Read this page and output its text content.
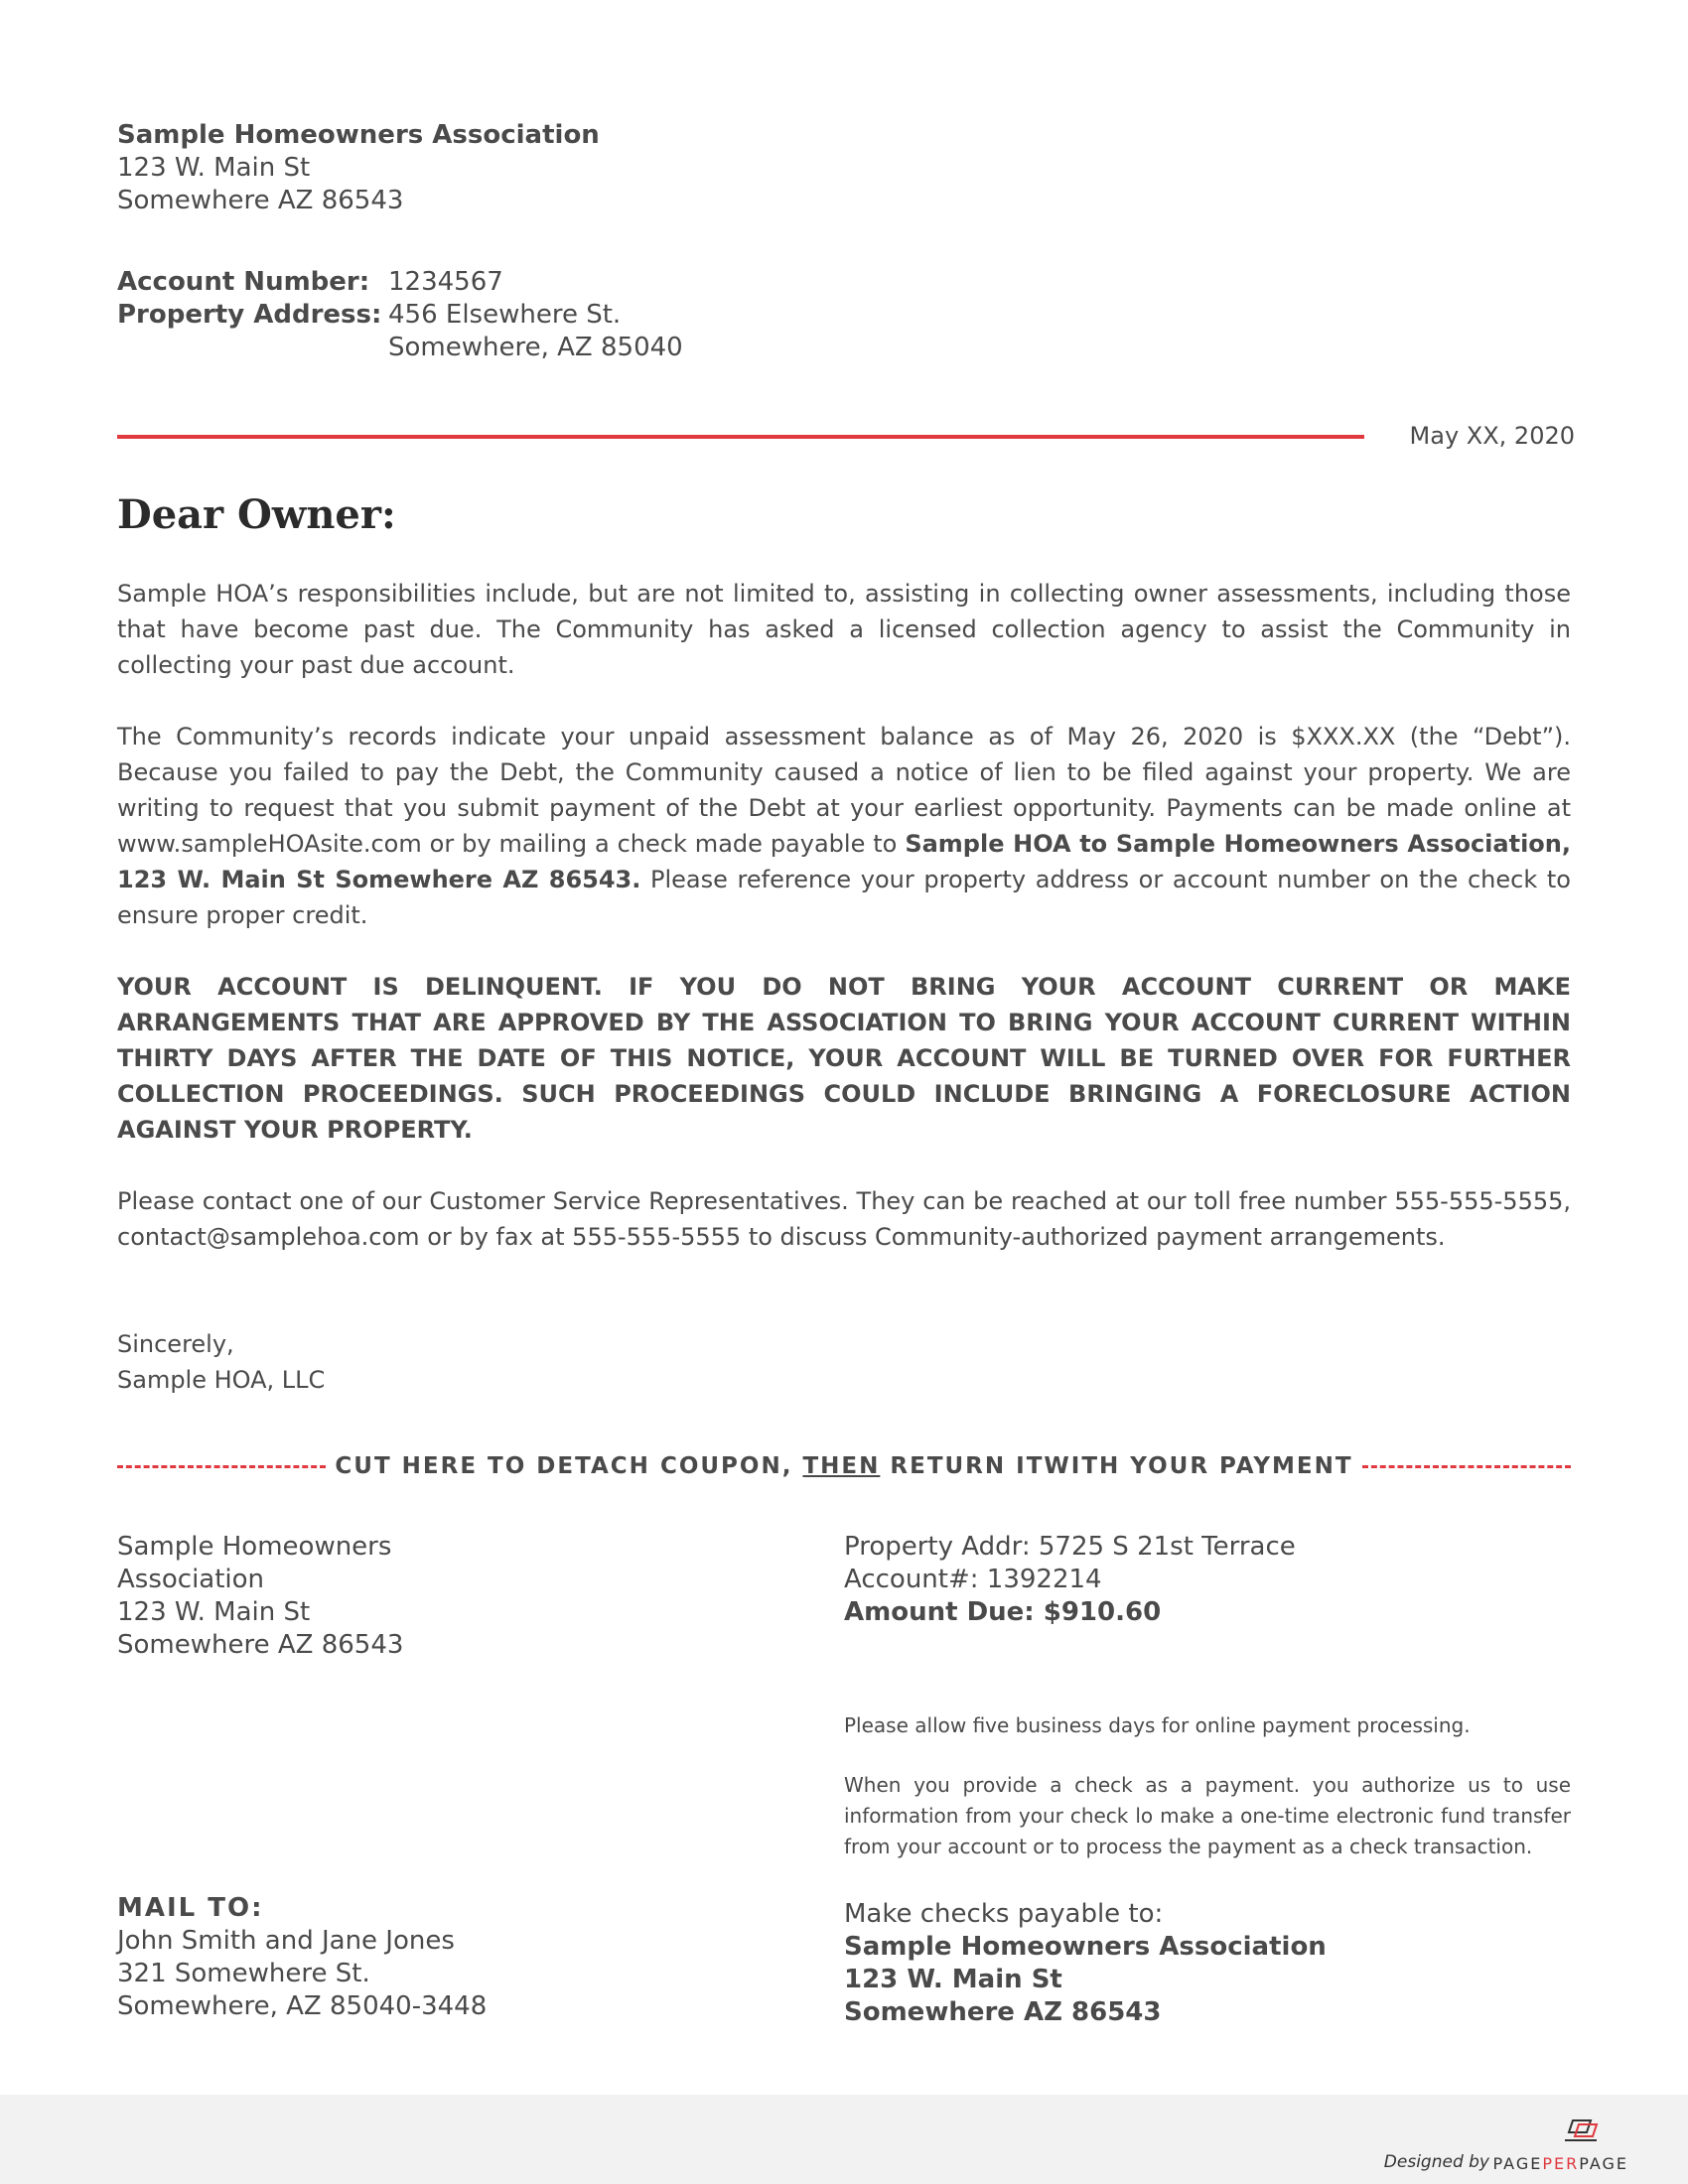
Sample Homeowners Association
123 W. Main St
Somewhere AZ 86543
Account Number: 1234567
Property Address: 456 Elsewhere St.
Somewhere, AZ 85040
May XX, 2020
Dear Owner:

Sample HOA’s responsibilities include, but are not limited to, assisting in collecting owner assessments, including those that have become past due. The Community has asked a licensed collection agency to assist the Community in collecting your past due account.

The Community’s records indicate your unpaid assessment balance as of May 26, 2020 is $XXX.XX (the “Debt”). Because you failed to pay the Debt, the Community caused a notice of lien to be filed against your property. We are writing to request that you submit payment of the Debt at your earliest opportunity. Payments can be made online at www.sampleHOAsite.com or by mailing a check made payable to Sample HOA to Sample Homeowners Association, 123 W. Main St Somewhere AZ 86543. Please reference your property address or account number on the check to ensure proper credit.

YOUR ACCOUNT IS DELINQUENT. IF YOU DO NOT BRING YOUR ACCOUNT CURRENT OR MAKE ARRANGEMENTS THAT ARE APPROVED BY THE ASSOCIATION TO BRING YOUR ACCOUNT CURRENT WITHIN THIRTY DAYS AFTER THE DATE OF THIS NOTICE, YOUR ACCOUNT WILL BE TURNED OVER FOR FURTHER COLLECTION PROCEEDINGS. SUCH PROCEEDINGS COULD INCLUDE BRINGING A FORECLOSURE ACTION AGAINST YOUR PROPERTY.

Please contact one of our Customer Service Representatives. They can be reached at our toll free number 555-555-5555, contact@samplehoa.com or by fax at 555-555-5555 to discuss Community-authorized payment arrangements.

Sincerely,

Sample HOA, LLC

CUT HERE TO DETACH COUPON, THEN RETURN ITWITH YOUR PAYMENT
Sample Homeowners Association
123 W. Main St
Somewhere AZ 86543
Property Addr: 5725 S 21st Terrace
Account#: 1392214
Amount Due: $910.60

Please allow five business days for online payment processing.

When you provide a check as a payment. you authorize us to use information from your check lo make a one-time electronic fund transfer from your account or to process the payment as a check transaction.

MAIL TO:
John Smith and Jane Jones
321 Somewhere St.
Somewhere, AZ 85040-3448
Make checks payable to:
Sample Homeowners Association
123 W. Main St
Somewhere AZ 86543
Designed by PAGEPERPAGE
